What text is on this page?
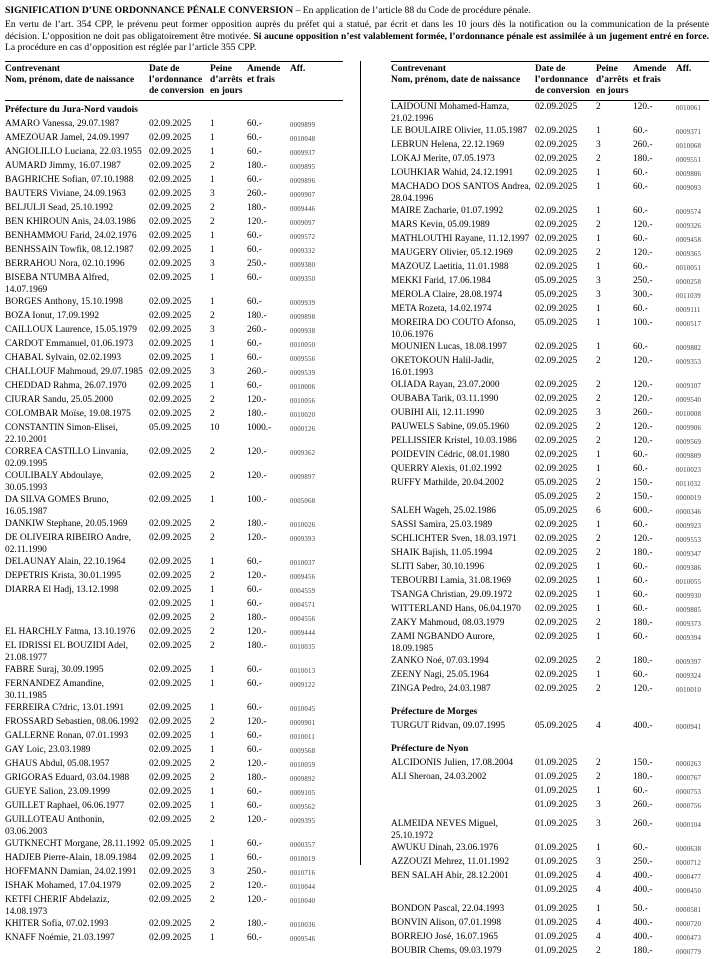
SIGNIFICATION D’UNE ORDONNANCE PÉNALE CONVERSION – En application de l’article 88 du Code de procédure pénale.
En vertu de l’art. 354 CPP, le prévenu peut former opposition auprès du préfet qui a statué, par écrit et dans les 10 jours dès la notification ou la communication de la présente décision. L’opposition ne doit pas obligatoirement être motivée. Si aucune opposition n’est valablement formée, l’ordonnance pénale est assimilée à un jugement entré en force. La procédure en cas d’opposition est réglée par l’article 355 CPP.
Contrevenant
Nom, prénom, date de naissance
Date de l’ordonnance de conversion
Peine d’arrêts en jours
Amende et frais
Aff.
Préfecture du Jura-Nord vaudois
AMARO Vanessa, 29.07.1987	02.09.2025	1	60.-	0009899
AMEZOUAR Jamel, 24.09.1997	02.09.2025	1	60.-	0010048
ANGIOLILLO Luciana, 22.03.1955 02.09.2025	1	60.-	0009937
AUMARD Jimmy, 16.07.1987	02.09.2025	2	180.-	0009895
BAGHRICHE Sofian, 07.10.1988	02.09.2025	1	60.-	0009896
BAUTERS Viviane, 24.09.1963	02.09.2025	3	260.-	0009907
BELJULJI Sead, 25.10.1992	02.09.2025	2	180.-	0009446
BEN KHIROUN Anis, 24.03.1986	02.09.2025	2	120.-	0009097
BENHAMMOU Farid, 24.02.1976	02.09.2025	1	60.-	0009572
BENHSSAIN Towfik, 08.12.1987	02.09.2025	1	60.-	0009332
BERRAHOU Nora, 02.10.1996	02.09.2025	3	250.-	0009380
BISEBA NTUMBA Alfred, 14.07.1969
02.09.2025	1	60.-	0009350
BORGES Anthony, 15.10.1998	02.09.2025	1	60.-	0009939
BOZA Ionut, 17.09.1992	02.09.2025	2	180.-	0009898
CAILLOUX Laurence, 15.05.1979	02.09.2025	3	260.-	0009938
CARDOT Emmanuel, 01.06.1973	02.09.2025	1	60.-	0010050
CHABAL Sylvain, 02.02.1993	02.09.2025	1	60.-	0009556
CHALLOUF Mahmoud, 29.07.1985 02.09.2025	3	260.-	0009539
CHEDDAD Rahma, 26.07.1970	02.09.2025	1	60.-	0010006
CIURAR Sandu, 25.05.2000	02.09.2025	2	120.-	0010056
COLOMBAR Moïse, 19.08.1975	02.09.2025	2	180.-	0010020
CONSTANTIN Simon-Elisei, 22.10.2001
05.09.2025	10	1000.-	0000126
CORREA CASTILLO Linvania, 02.09.1995
02.09.2025	2	120.-	0009362
COULIBALY Abdoulaye, 30.05.1993
02.09.2025	2	120.-	0009897
DA SILVA GOMES Bruno, 16.05.1987
02.09.2025	1	100.-	0005068
DANKIW Stephane, 20.05.1969	02.09.2025	2	180.-	0010026
DE OLIVEIRA RIBEIRO Andre, 02.11.1990
02.09.2025	2	120.-	0009393
DELAUNAY Alain, 22.10.1964	02.09.2025	1	60.-	0010037
DEPETRIS Krista, 30.01.1995	02.09.2025	2	120.-	0009456
DIARRA El Hadj, 13.12.1998	02.09.2025	1	60.-	0004559
02.09.2025	1	60.-	0004571
02.09.2025	2	180.-	0004556
EL HARCHLY Fatma, 13.10.1976	02.09.2025	2	120.-	0009444
EL IDRISSI EL BOUZIDI Adel, 21.08.1977
02.09.2025	2	180.-	0010035
FABRE Suraj, 30.09.1995	02.09.2025	1	60.-	0010013
FERNANDEZ Amandine, 30.11.1985
02.09.2025	1	60.-	0009122
FERREIRA C?dric, 13.01.1991	02.09.2025	1	60.-	0010045
FROSSARD Sebastien, 08.06.1992	02.09.2025	2	120.-	0009901
GALLERNE Ronan, 07.01.1993	02.09.2025	1	60.-	0010011
GAY Loic, 23.03.1989	02.09.2025	1	60.-	0009568
GHAUS Abdul, 05.08.1957	02.09.2025	2	120.-	0010059
GRIGORAS Eduard, 03.04.1988	02.09.2025	2	180.-	0009892
GUEYE Salion, 23.09.1999	02.09.2025	1	60.-	0009105
GUILLET Raphael, 06.06.1977	02.09.2025	1	60.-	0009562
GUILLOTEAU Anthonin, 03.06.2003
02.09.2025	2	120.-	0009395
GUTKNECHT Morgane, 28.11.1992 05.09.2025	1	60.-	0000357
HADJEB Pierre-Alain, 18.09.1984	02.09.2025	1	60.-	0010019
HOFFMANN Damian, 24.02.1991	02.09.2025	3	250.-	0010716
ISHAK Mohamed, 17.04.1979	02.09.2025	2	120.-	0010044
KETFI CHERIF Abdelaziz, 14.08.1973
02.09.2025	2	120.-	0010040
KHITER Sofia, 07.02.1993	02.09.2025	2	180.-	0010036
KNAFF Noémie, 21.03.1997	02.09.2025	1	60.-	0009546
Contrevenant
Nom, prénom, date de naissance
Date de l’ordonnance de conversion
Peine d’arrêts en jours
Amende et frais
Aff.
LAIDOUNI Mohamed-Hamza, 21.02.1996
02.09.2025	2	120.-	0010061
LE BOULAIRE Olivier, 11.05.1987 02.09.2025	1	60.-	0009371
LEBRUN Helena, 22.12.1969	02.09.2025	3	260.-	0010068
LOKAJ Merite, 07.05.1973	02.09.2025	2	180.-	0009551
LOUHKIAR Wahid, 24.12.1991	02.09.2025	1	60.-	0009886
MACHADO DOS SANTOS Andrea, 28.04.1996
02.09.2025	1	60.-	0009093
MAIRE Zacharie, 01.07.1992	02.09.2025	1	60.-	0009574
MARS Kevin, 05.09.1989	02.09.2025	2	120.-	0009326
MATHLOUTHI Rayane, 11.12.1997 02.09.2025	1	60.-	0009458
MAUGERY Olivier, 05.12.1969	02.09.2025	2	120.-	0009365
MAZOUZ Laetitia, 11.01.1988	02.09.2025	1	60.-	0010051
MEKKI Farid, 17.06.1984	05.09.2025	3	250.-	0000258
MEROLA Claire, 28.08.1974	05.09.2025	3	300.-	0011039
META Rozeta, 14.02.1974	02.09.2025	1	60.-	0009111
MOREIRA DO COUTO Afonso, 10.06.1976
05.09.2025	1	100.-	0000517
MOUNIEN Lucas, 18.08.1997	02.09.2025	1	60.-	0009882
OKETOKOUN Halil-Jadir, 16.01.1993
02.09.2025	2	120.-	0009353
OLIADA Rayan, 23.07.2000	02.09.2025	2	120.-	0009107
OUBABA Tarik, 03.11.1990	02.09.2025	2	120.-	0009540
OUBIHI Ali, 12.11.1990	02.09.2025	3	260.-	0010008
PAUWELS Sabine, 09.05.1960	02.09.2025	2	120.-	0009906
PELLISSIER Kristel, 10.03.1986	02.09.2025	2	120.-	0009569
POIDEVIN Cédric, 08.01.1980	02.09.2025	1	60.-	0009889
QUERRY Alexis, 01.02.1992	02.09.2025	1	60.-	0010023
RUFFY Mathilde, 20.04.2002	05.09.2025	2	150.-	0011032
05.09.2025	2	150.-	0000019
SALEH Wageh, 25.02.1986	05.09.2025	6	600.-	0000346
SASSI Samira, 25.03.1989	02.09.2025	1	60.-	0009923
SCHLICHTER Sven, 18.03.1971	02.09.2025	2	120.-	0009553
SHAIK Bajish, 11.05.1994	02.09.2025	2	180.-	0009347
SLITI Saber, 30.10.1996	02.09.2025	1	60.-	0009386
TEBOURBI Lamia, 31.08.1969	02.09.2025	1	60.-	0010055
TSANGA Christian, 29.09.1972	02.09.2025	1	60.-	0009930
WITTERLAND Hans, 06.04.1970	02.09.2025	1	60.-	0009885
ZAKY Mahmoud, 08.03.1979	02.09.2025	2	180.-	0009373
ZAMI NGBANDO Aurore, 18.09.1985
02.09.2025	1	60.-	0009394
ZANKO Noé, 07.03.1994	02.09.2025	2	180.-	0009397
ZEENY Nagi, 25.05.1964	02.09.2025	1	60.-	0009324
ZINGA Pedro, 24.03.1987	02.09.2025	2	120.-	0010010
Préfecture de Morges
TURGUT Ridvan, 09.07.1995	05.09.2025	4	400.-	0000941
Préfecture de Nyon
ALCIDONIS Julien, 17.08.2004	01.09.2025	2	150.-	0000263
ALI Sheroan, 24.03.2002	01.09.2025	2	180.-	0000767
01.09.2025	1	60.-	0000753
01.09.2025	3	260.-	0000756
ALMEIDA NEVES Miguel, 25.10.1972
01.09.2025	3	260.-	0000104
AWUKU Dinah, 23.06.1976	01.09.2025	1	60.-	0000638
AZZOUZI Mehrez, 11.01.1992	01.09.2025	3	250.-	0000712
BEN SALAH Abir, 28.12.2001	01.09.2025	4	400.-	0000477
01.09.2025	4	400.-	0000450
BONDON Pascal, 22.04.1993	01.09.2025	1	50.-	0000581
BONVIN Alison, 07.01.1998	01.09.2025	4	400.-	0000720
BORREJO José, 16.07.1965	01.09.2025	4	400.-	0000473
BOUBIR Chems, 09.03.1979	01.09.2025	2	180.-	0000779
